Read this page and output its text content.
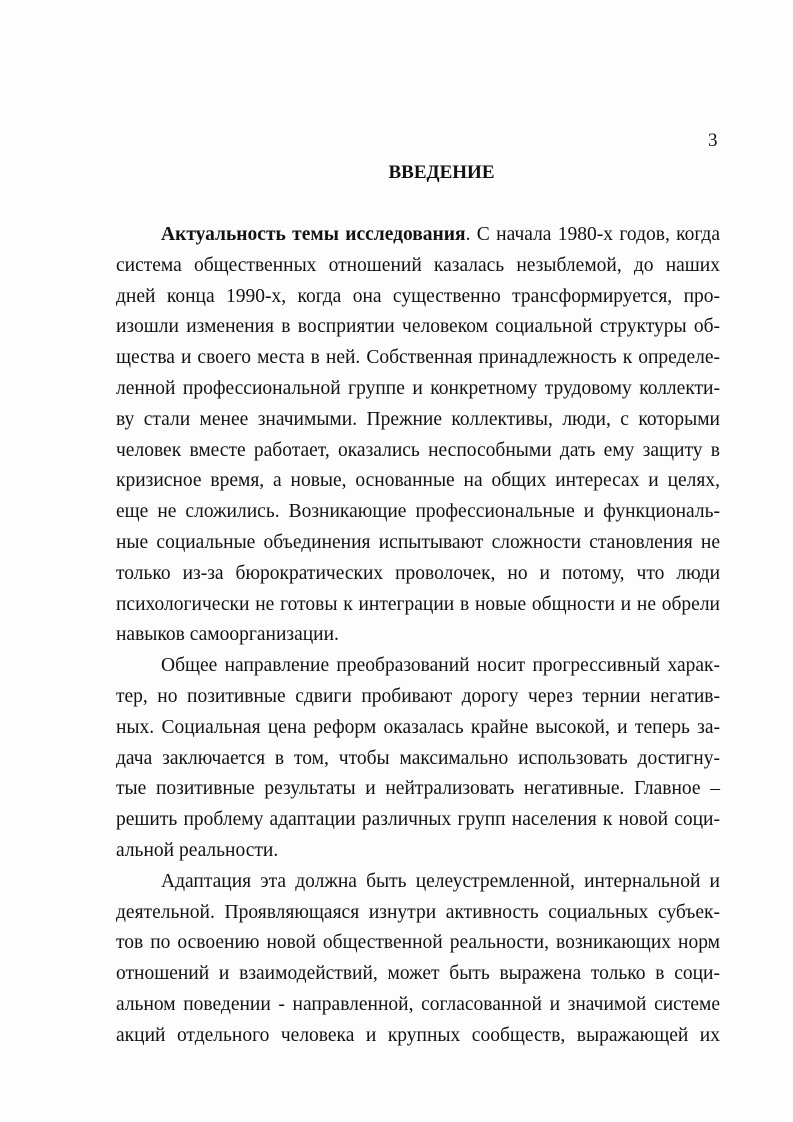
3
ВВЕДЕНИЕ
Актуальность темы исследования. С начала 1980-х годов, когда
система общественных отношений казалась незыблемой, до наших
дней конца 1990-х, когда она существенно трансформируется, про-
изошли изменения в восприятии человеком социальной структуры об-
щества и своего места в ней. Собственная принадлежность к определе-
ленной профессиональной группе и конкретному трудовому коллекти-
ву стали менее значимыми. Прежние коллективы, люди, с которыми
человек вместе работает, оказались неспособными дать ему защиту в
кризисное время, а новые, основанные на общих интересах и целях,
еще не сложились. Возникающие профессиональные и функциональ-
ные социальные объединения испытывают сложности становления не
только из-за бюрократических проволочек, но и потому, что люди
психологически не готовы к интеграции в новые общности и не обрели
навыков самоорганизации.
Общее направление преобразований носит прогрессивный харак-
тер, но позитивные сдвиги пробивают дорогу через тернии негатив-
ных. Социальная цена реформ оказалась крайне высокой, и теперь за-
дача заключается в том, чтобы максимально использовать достигну-
тые позитивные результаты и нейтрализовать негативные. Главное –
решить проблему адаптации различных групп населения к новой соци-
альной реальности.
Адаптация эта должна быть целеустремленной, интернальной и
деятельной. Проявляющаяся изнутри активность социальных субъек-
тов по освоению новой общественной реальности, возникающих норм
отношений и взаимодействий, может быть выражена только в соци-
альном поведении - направленной, согласованной и значимой системе
акций отдельного человека и крупных сообществ, выражающей их
